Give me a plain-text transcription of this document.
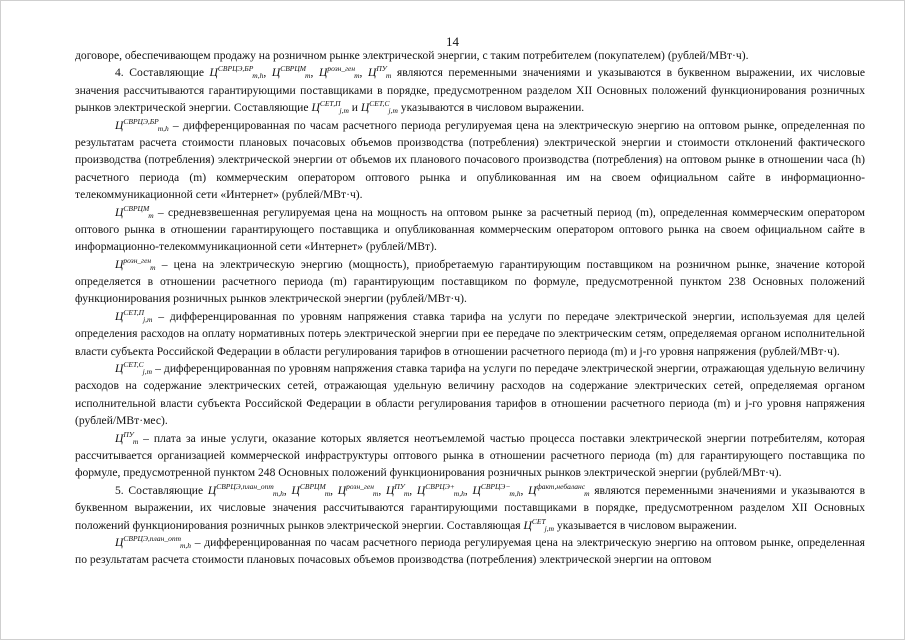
14

договоре, обеспечивающем продажу на розничном рынке электрической энергии, с таким потребителем (покупателем) (рублей/МВт·ч).

4. Составляющие $Ц^{СВРЦЭ,БР}_{m,h}$, $Ц^{СВРЦМ}_m$, $Ц^{розн\_ген}_m$, $Ц^{ПУ}_m$ являются переменными значениями и указываются в буквенном выражении, их числовые значения рассчитываются гарантирующими поставщиками в порядке, предусмотренном разделом XII Основных положений функционирования розничных рынков электрической энергии. Составляющие $Ц^{СЕТ,П}_{j,m}$ и $Ц^{СЕТ,С}_{j,m}$ указываются в числовом выражении.

$Ц^{СВРЦЭ,БР}_{m,h}$ – дифференцированная по часам расчетного периода регулируемая цена на электрическую энергию на оптовом рынке, определенная по результатам расчета стоимости плановых почасовых объемов производства (потребления) электрической энергии и стоимости отклонений фактического производства (потребления) электрической энергии от объемов их планового почасового производства (потребления) на оптовом рынке в отношении часа (h) расчетного периода (m) коммерческим оператором оптового рынка и опубликованная им на своем официальном сайте в информационно-телекоммуникационной сети «Интернет» (рублей/МВт·ч).

$Ц^{СВРЦМ}_m$ – средневзвешенная регулируемая цена на мощность на оптовом рынке за расчетный период (m), определенная коммерческим оператором оптового рынка в отношении гарантирующего поставщика и опубликованная коммерческим оператором оптового рынка на своем официальном сайте в информационно-телекоммуникационной сети «Интернет» (рублей/МВт).

$Ц^{розн\_ген}_m$ – цена на электрическую энергию (мощность), приобретаемую гарантирующим поставщиком на розничном рынке, значение которой определяется в отношении расчетного периода (m) гарантирующим поставщиком по формуле, предусмотренной пунктом 238 Основных положений функционирования розничных рынков электрической энергии (рублей/МВт·ч).

$Ц^{СЕТ,П}_{j,m}$ – дифференцированная по уровням напряжения ставка тарифа на услуги по передаче электрической энергии, используемая для целей определения расходов на оплату нормативных потерь электрической энергии при ее передаче по электрическим сетям, определяемая органом исполнительной власти субъекта Российской Федерации в области регулирования тарифов в отношении расчетного периода (m) и j-го уровня напряжения (рублей/МВт·ч).

$Ц^{СЕТ,С}_{j,m}$ – дифференцированная по уровням напряжения ставка тарифа на услуги по передаче электрической энергии, отражающая удельную величину расходов на содержание электрических сетей, отражающая удельную величину расходов на содержание электрических сетей, определяемая органом исполнительной власти субъекта Российской Федерации в области регулирования тарифов в отношении расчетного периода (m) и j-го уровня напряжения (рублей/МВт·мес).

$Ц^{ПУ}_m$ – плата за иные услуги, оказание которых является неотъемлемой частью процесса поставки электрической энергии потребителям, которая рассчитывается организацией коммерческой инфраструктуры оптового рынка в отношении расчетного периода (m) для гарантирующего поставщика по формуле, предусмотренной пунктом 248 Основных положений функционирования розничных рынков электрической энергии (рублей/МВт·ч).

5. Составляющие $Ц^{СВРЦЭ,план\_опт}_{m,h}$, $Ц^{СВРЦМ}_m$, $Ц^{розн\_ген}_m$, $Ц^{ПУ}_m$, $Ц^{СВРЦЭ+}_{m,h}$, $Ц^{СВРЦЭ-}_{m,h}$, $Ц^{факт,небаланс}_m$ являются переменными значениями и указываются в буквенном выражении, их числовые значения рассчитываются гарантирующими поставщиками в порядке, предусмотренном разделом XII Основных положений функционирования розничных рынков электрической энергии. Составляющая $Ц^{СЕТ}_{j,m}$ указывается в числовом выражении.

$Ц^{СВРЦЭ,план\_опт}_{m,h}$ – дифференцированная по часам расчетного периода регулируемая цена на электрическую энергию на оптовом рынке, определенная по результатам расчета стоимости плановых почасовых объемов производства (потребления) электрической энергии на оптовом
